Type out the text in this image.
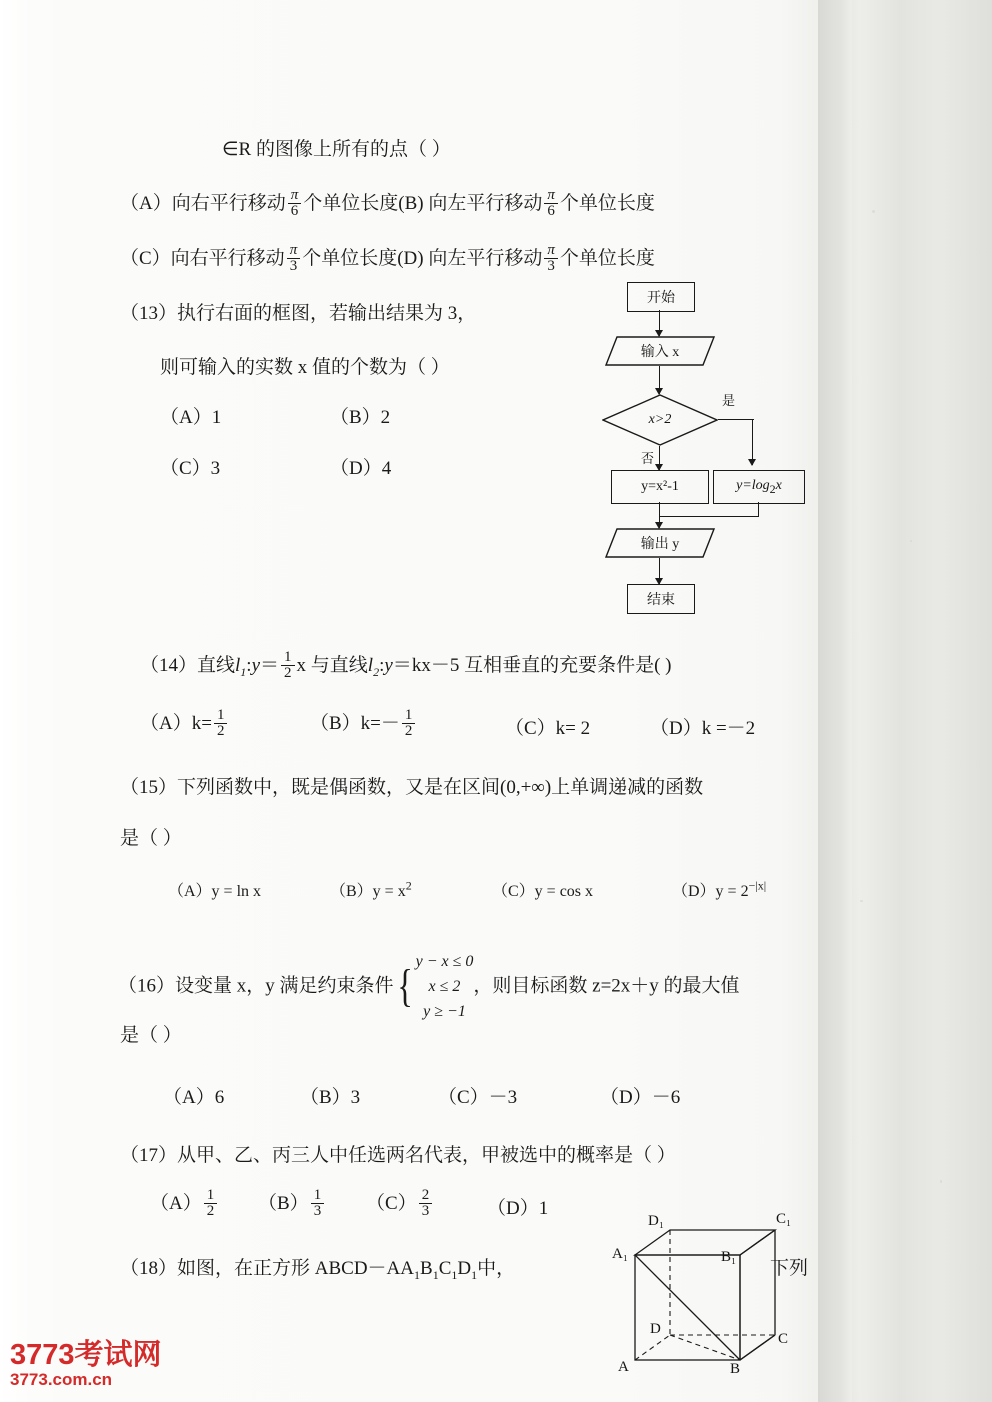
∈R 的图像上所有的点（ ）
（A）向右平行移动 $\frac{\pi}{6}$ 个单位长度(B) 向左平行移动 $\frac{\pi}{6}$ 个单位长度
（C）向右平行移动 $\frac{\pi}{3}$ 个单位长度(D) 向左平行移动 $\frac{\pi}{3}$ 个单位长度
（13）执行右面的框图，若输出结果为 3，
则可输入的实数 x 值的个数为（ ）
（A）1	（B）2
（C）3	（D）4
（14）直线$l_1:y= \frac{1}{2}$ x 与直线$l_2:y=kx-5$ 互相垂直的充要条件是( )
$(A)k= \frac{1}{2}$	$(B)k=- \frac{1}{2}$	（C）k= 2	（D）k =－2
（15）下列函数中，既是偶函数，又是在区间(0,+∞)上单调递减的函数
是（ ）
（A）y = ln x	$(B)y = x^2$	（C）y = cos x	$(D)y = 2^{-|x|}$
（16）设变量 x，y 满足约束条件{ y − x ≤ 0
x ≤ 2
y ≥ −1
，则目标函数 z=2x＋y 的最大值
是（ ）
（A）6	（B）3	（C）－3	（D）－6
（17）从甲、乙、丙三人中任选两名代表，甲被选中的概率是（ ）
$(A) \frac{1}{2} (B) \frac{1}{3} (C) \frac{2}{3}$	（D）1
（18）如图，在正方形 $ABCD-AA_1B_1C_1D_1$中，	下列
开始
输入 x
x>2
是
否
y=x²-1	y=log2x
输出 y
结束
D₁	C₁
A₁	B₁
D
C
A	B
3773考试网
3773.com.cn
